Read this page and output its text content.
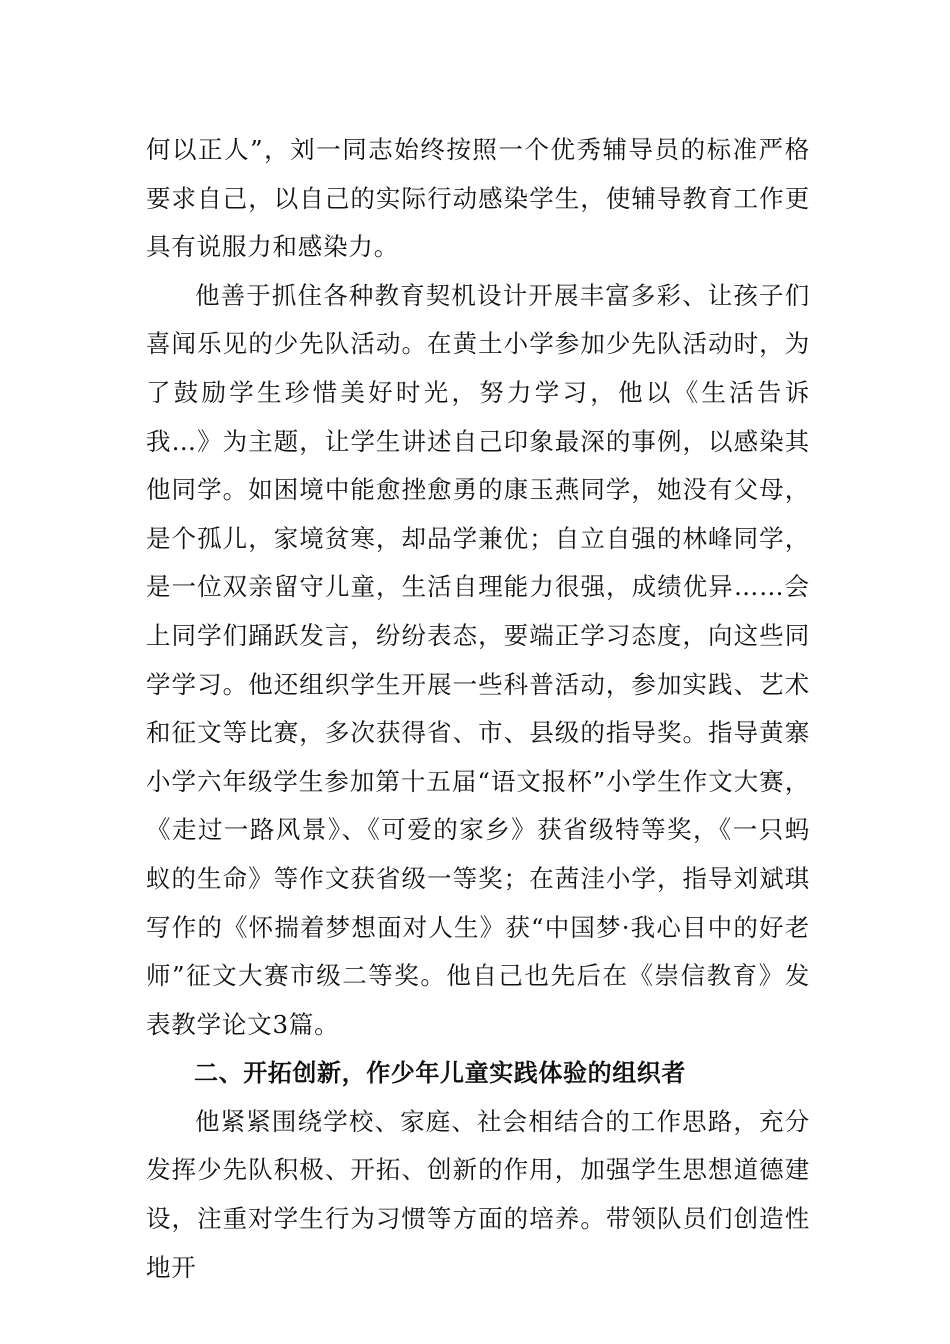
何以正人”，刘一同志始终按照一个优秀辅导员的标准严格要求自己，以自己的实际行动感染学生，使辅导教育工作更具有说服力和感染力。

他善于抓住各种教育契机设计开展丰富多彩、让孩子们喜闻乐见的少先队活动。在黄土小学参加少先队活动时，为了鼓励学生珍惜美好时光，努力学习，他以《生活告诉我…》为主题，让学生讲述自己印象最深的事例，以感染其他同学。如困境中能愈挫愈勇的康玉燕同学，她没有父母，是个孤儿，家境贫寒，却品学兼优；自立自强的林峰同学，是一位双亲留守儿童，生活自理能力很强，成绩优异……会上同学们踊跃发言，纷纷表态，要端正学习态度，向这些同学学习。他还组织学生开展一些科普活动，参加实践、艺术和征文等比赛，多次获得省、市、县级的指导奖。指导黄寨小学六年级学生参加第十五届“语文报杯”小学生作文大赛，《走过一路风景》、《可爱的家乡》获省级特等奖，《一只蚂蚁的生命》等作文获省级一等奖；在茜洼小学，指导刘斌琪写作的《怀揣着梦想面对人生》获“中国梦·我心目中的好老师”征文大赛市级二等奖。他自己也先后在《崇信教育》发表教学论文3篇。

二、开拓创新，作少年儿童实践体验的组织者

他紧紧围绕学校、家庭、社会相结合的工作思路，充分发挥少先队积极、开拓、创新的作用，加强学生思想道德建设，注重对学生行为习惯等方面的培养。带领队员们创造性地开
